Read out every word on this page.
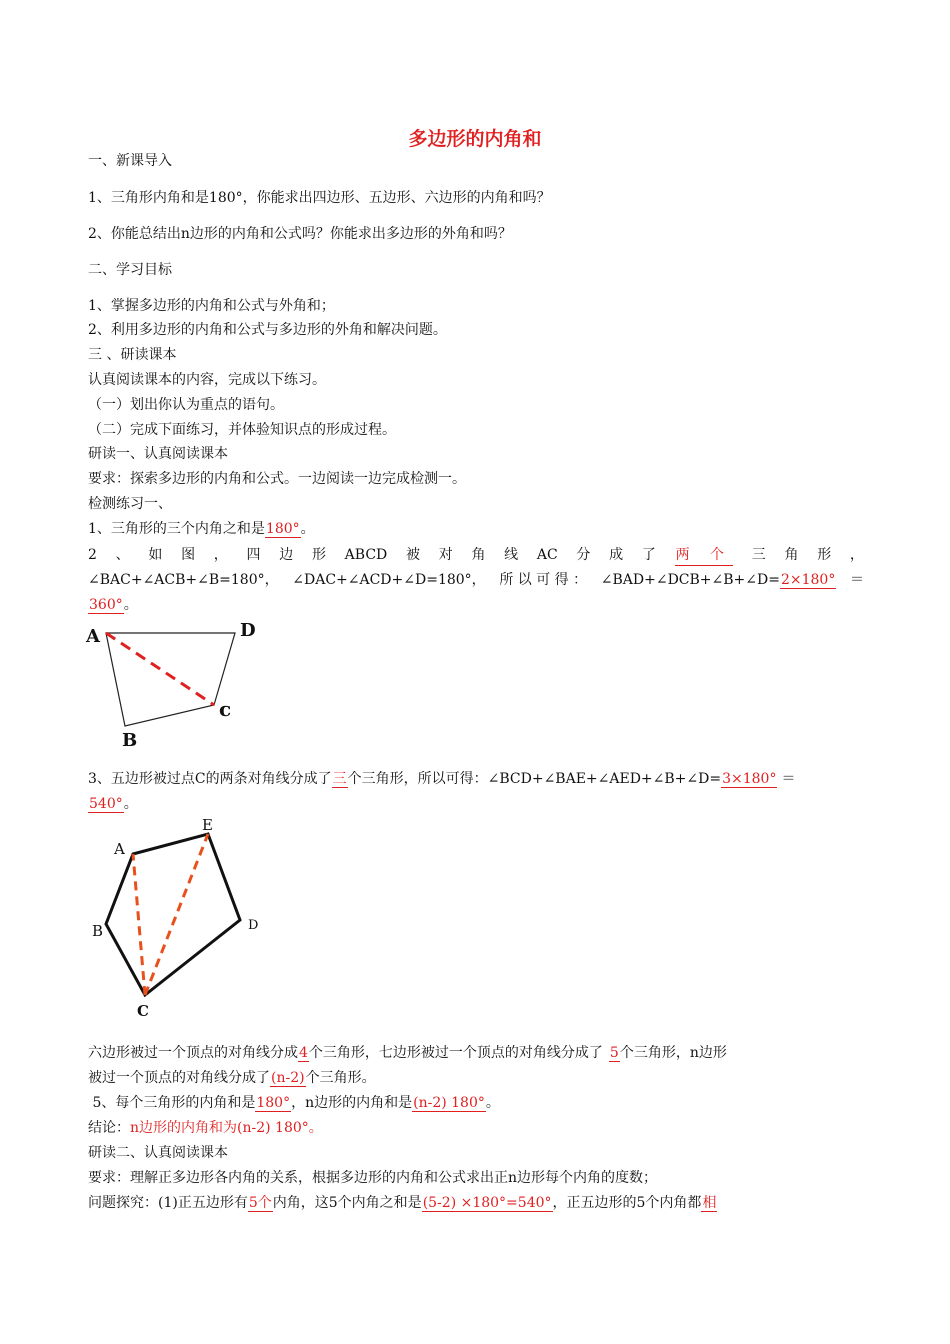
多边形的内角和
一、新课导入
1、三角形内角和是180°，你能求出四边形、五边形、六边形的内角和吗？
2、你能总结出n边形的内角和公式吗？你能求出多边形的外角和吗？
二、学习目标
1、掌握多边形的内角和公式与外角和；
2、利用多边形的内角和公式与多边形的外角和解决问题。
三 、研读课本
认真阅读课本的内容，完成以下练习。
（一）划出你认为重点的语句。
（二）完成下面练习，并体验知识点的形成过程。
研读一、认真阅读课本
要求：探索多边形的内角和公式。一边阅读一边完成检测一。
检测练习一、
1、三角形的三个内角之和是180°。
2 、 如 图 ， 四 边 形 ABCD 被 对 角 线 AC 分 成 了 两 个 三 角 形 ，
∠BAC+∠ACB+∠B=180°， ∠DAC+∠ACD+∠D=180°， 所 以 可 得 ： ∠BAD+∠DCB+∠B+∠D=2×180° ＝
360°。
A	D
c
B
3、五边形被过点C的两条对角线分成了三个三角形，所以可得：∠BCD+∠BAE+∠AED+∠B+∠D=3×180° ＝
540°。
A
E
D
B
C
六边形被过一个顶点的对角线分成4个三角形，七边形被过一个顶点的对角线分成了 5个三角形，n边形
被过一个顶点的对角线分成了(n-2)个三角形。
5、每个三角形的内角和是180°，n边形的内角和是(n-2) 180°。
结论：n边形的内角和为(n-2) 180°。
研读二、认真阅读课本
要求：理解正多边形各内角的关系，根据多边形的内角和公式求出正n边形每个内角的度数；
问题探究：(1)正五边形有5个内角，这5个内角之和是(5-2) ×180°=540°，正五边形的5个内角都相
